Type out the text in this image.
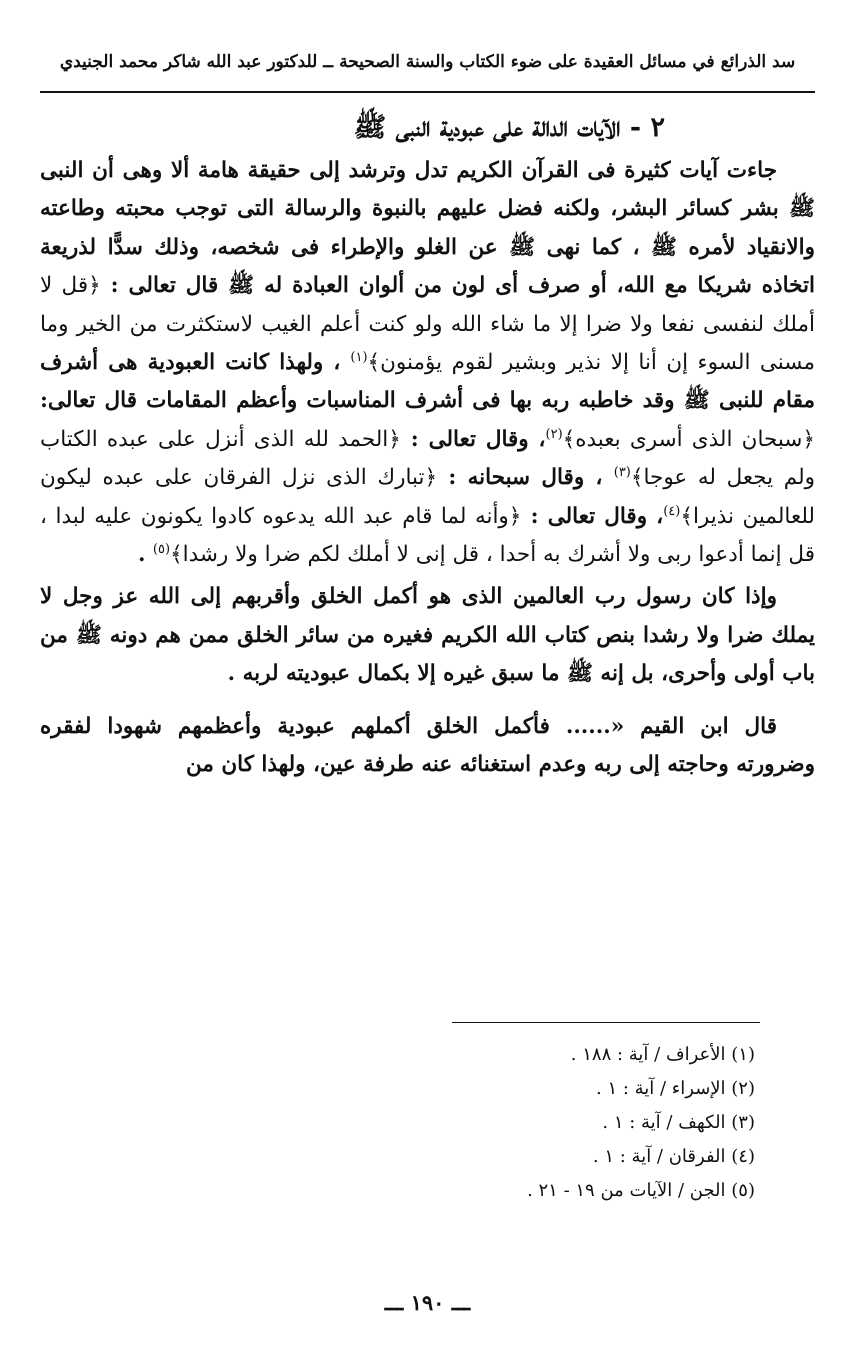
سد الذرائع في مسائل العقيدة على ضوء الكتاب والسنة الصحيحة ــ للدكتور عبد الله شاكر محمد الجنيدي
٢ - الآيات الدالة على عبودية النبى ﷺ

جاءت آيات كثيرة فى القرآن الكريم تدل وترشد إلى حقيقة هامة ألا وهى أن النبى ﷺ بشر كسائر البشر، ولكنه فضل عليهم بالنبوة والرسالة التى توجب محبته وطاعته والانقياد لأمره ﷺ ، كما نهى ﷺ عن الغلو والإطراء فى شخصه، وذلك سدًّا لذريعة اتخاذه شريكا مع الله، أو صرف أى لون من ألوان العبادة له ﷺ قال تعالى : ﴿قل لا أملك لنفسى نفعا ولا ضرا إلا ما شاء الله ولو كنت أعلم الغيب لاستكثرت من الخير وما مسنى السوء إن أنا إلا نذير وبشير لقوم يؤمنون﴾$^{(١)}$ ، ولهذا كانت العبودية هى أشرف مقام للنبى ﷺ وقد خاطبه ربه بها فى أشرف المناسبات وأعظم المقامات قال تعالى: ﴿سبحان الذى أسرى بعبده﴾$^{(٢)}$، وقال تعالى : ﴿الحمد لله الذى أنزل على عبده الكتاب ولم يجعل له عوجا﴾$^{(٣)}$ ، وقال سبحانه : ﴿تبارك الذى نزل الفرقان على عبده ليكون للعالمين نذيرا﴾$^{(٤)}$، وقال تعالى : ﴿وأنه لما قام عبد الله يدعوه كادوا يكونون عليه لبدا ، قل إنما أدعوا ربى ولا أشرك به أحدا ، قل إنى لا أملك لكم ضرا ولا رشدا﴾$^{(٥)}$ .

وإذا كان رسول رب العالمين الذى هو أكمل الخلق وأقربهم إلى الله عز وجل لا يملك ضرا ولا رشدا بنص كتاب الله الكريم فغيره من سائر الخلق ممن هم دونه ﷺ من باب أولى وأحرى، بل إنه ﷺ ما سبق غيره إلا بكمال عبوديته لربه .

قال ابن القيم «...... فأكمل الخلق أكملهم عبودية وأعظمهم شهودا لفقره وضرورته وحاجته إلى ربه وعدم استغنائه عنه طرفة عين، ولهذا كان من

(١) الأعراف / آية : ١٨٨ .
(٢) الإسراء / آية : ١ .
(٣) الكهف / آية : ١ .
(٤) الفرقان / آية : ١ .
(٥) الجن / الآيات من ١٩ - ٢١ .
ـــ ١٩٠ ـــ
